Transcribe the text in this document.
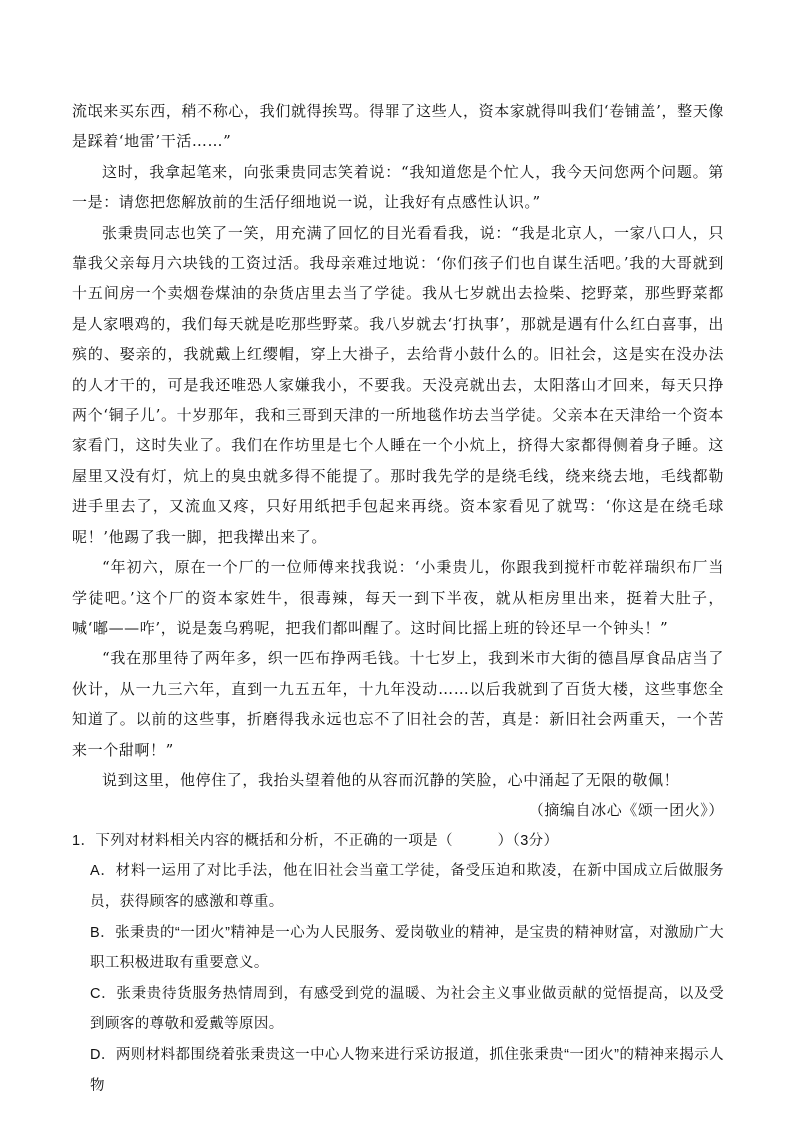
流氓来买东西，稍不称心，我们就得挨骂。得罪了这些人，资本家就得叫我们‘卷铺盖’，整天像是踩着‘地雷’干活……”

这时，我拿起笔来，向张秉贵同志笑着说：“我知道您是个忙人，我今天问您两个问题。第一是：请您把您解放前的生活仔细地说一说，让我好有点感性认识。”

张秉贵同志也笑了一笑，用充满了回忆的目光看看我，说：“我是北京人，一家八口人，只靠我父亲每月六块钱的工资过活。我母亲难过地说：‘你们孩子们也自谋生活吧。’我的大哥就到十五间房一个卖烟卷煤油的杂货店里去当了学徒。我从七岁就出去捡柴、挖野菜，那些野菜都是人家喂鸡的，我们每天就是吃那些野菜。我八岁就去‘打执事’，那就是遇有什么红白喜事，出殡的、娶亲的，我就戴上红缨帽，穿上大褂子，去给背小鼓什么的。旧社会，这是实在没办法的人才干的，可是我还唯恐人家嫌我小，不要我。天没亮就出去，太阳落山才回来，每天只挣两个‘铜子儿’。十岁那年，我和三哥到天津的一所地毯作坊去当学徒。父亲本在天津给一个资本家看门，这时失业了。我们在作坊里是七个人睡在一个小炕上，挤得大家都得侧着身子睡。这屋里又没有灯，炕上的臭虫就多得不能提了。那时我先学的是绕毛线，绕来绕去地，毛线都勒进手里去了，又流血又疼，只好用纸把手包起来再绕。资本家看见了就骂：‘你这是在绕毛球呢！’他踢了我一脚，把我撵出来了。

“年初六，原在一个厂的一位师傅来找我说：‘小秉贵儿，你跟我到搅杆市乾祥瑞织布厂当学徒吧。’这个厂的资本家姓牛，很毒辣，每天一到下半夜，就从柜房里出来，挺着大肚子，喊‘嘟——咋’，说是轰乌鸦呢，把我们都叫醒了。这时间比摇上班的铃还早一个钟头！”

“我在那里待了两年多，织一匹布挣两毛钱。十七岁上，我到米市大街的德昌厚食品店当了伙计，从一九三六年，直到一九五五年，十九年没动……以后我就到了百货大楼，这些事您全知道了。以前的这些事，折磨得我永远也忘不了旧社会的苦，真是：新旧社会两重天，一个苦来一个甜啊！”

说到这里，他停住了，我抬头望着他的从容而沉静的笑脸，心中涌起了无限的敬佩！

（摘编自冰心《颂一团火》）

1．下列对材料相关内容的概括和分析，不正确的一项是（　　　）（3分）

A．材料一运用了对比手法，他在旧社会当童工学徒，备受压迫和欺凌，在新中国成立后做服务员，获得顾客的感激和尊重。

B．张秉贵的“一团火”精神是一心为人民服务、爱岗敬业的精神，是宝贵的精神财富，对激励广大职工积极进取有重要意义。

C．张秉贵待货服务热情周到，有感受到党的温暖、为社会主义事业做贡献的觉悟提高，以及受到顾客的尊敬和爱戴等原因。

D．两则材料都围绕着张秉贵这一中心人物来进行采访报道，抓住张秉贵“一团火”的精神来揭示人物
